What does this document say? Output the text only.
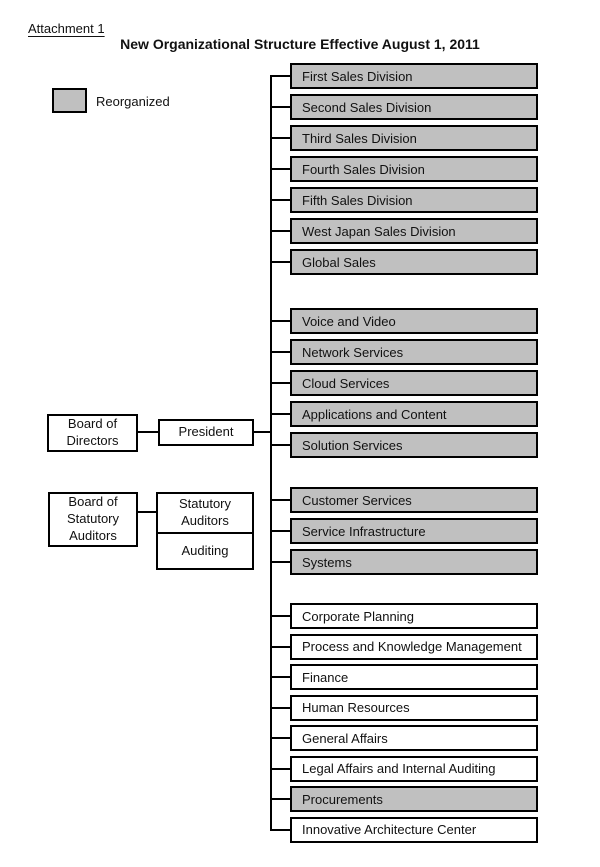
Attachment 1
New Organizational Structure Effective August 1, 2011
Reorganized
Board of Directors
President
Board of Statutory Auditors
Statutory Auditors
Auditing
First Sales Division
Second Sales Division
Third Sales Division
Fourth Sales Division
Fifth Sales Division
West Japan Sales Division
Global Sales
Voice and Video
Network Services
Cloud Services
Applications and Content
Solution Services
Customer Services
Service Infrastructure
Systems
Corporate Planning
Process and Knowledge Management
Finance
Human Resources
General Affairs
Legal Affairs and Internal Auditing
Procurements
Innovative Architecture Center
